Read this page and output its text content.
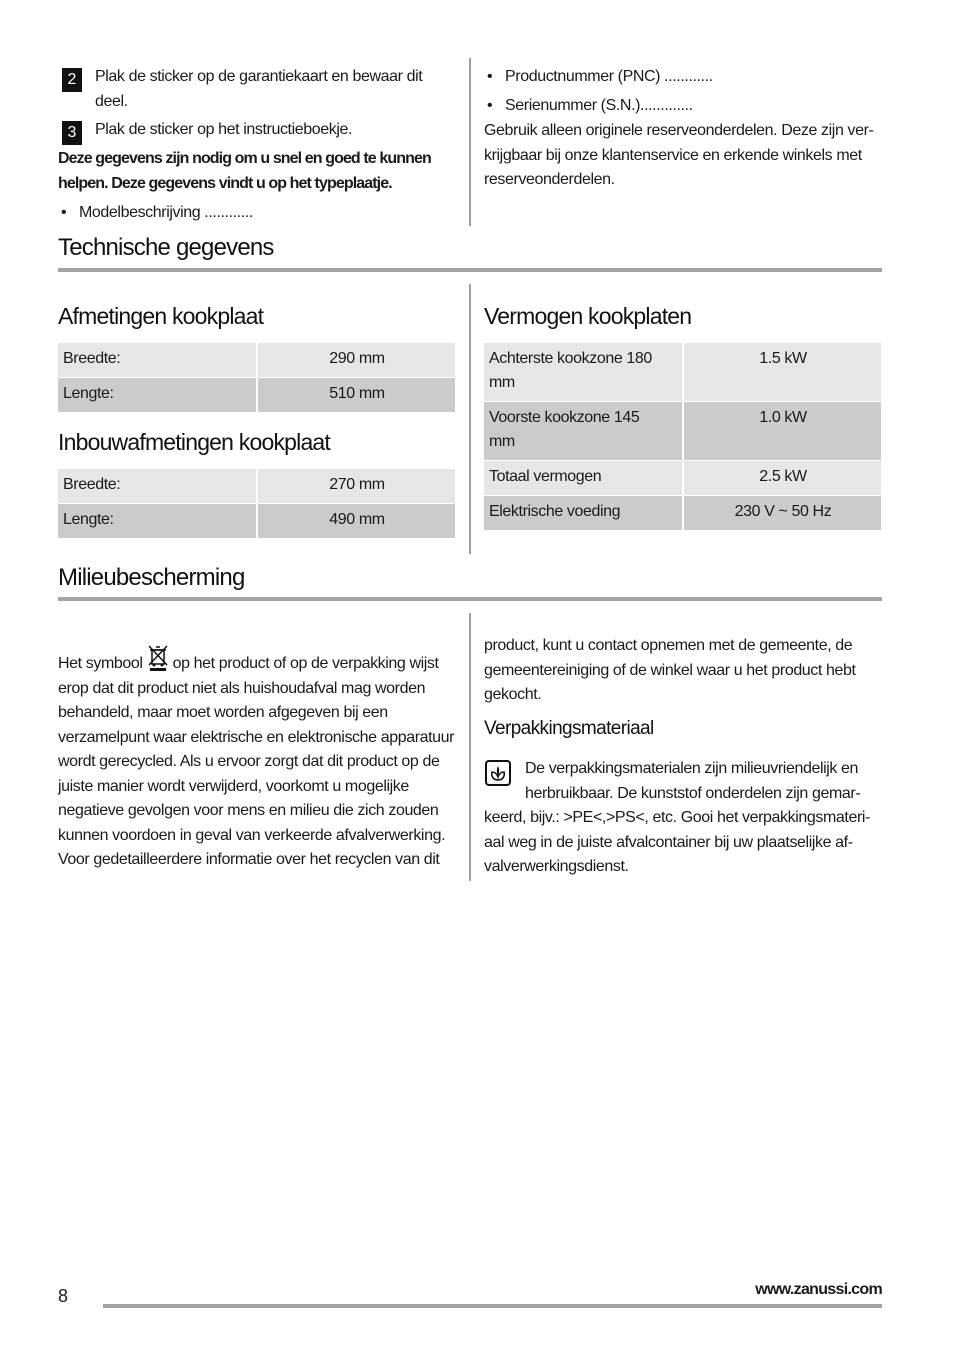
2	Plak de sticker op de garantiekaart en bewaar dit
deel.
3	Plak de sticker op het instructieboekje.
Deze gegevens zijn nodig om u snel en goed te kunnen
helpen. Deze gegevens vindt u op het typeplaatje.
• Modelbeschrijving ............
• Productnummer (PNC) ............
• Serienummer (S.N.).............
Gebruik alleen originele reserveonderdelen. Deze zijn ver-
krijgbaar bij onze klantenservice en erkende winkels met
reserveonderdelen.
Technische gegevens
Afmetingen kookplaat
Breedte:	290 mm
Lengte:	510 mm
Inbouwafmetingen kookplaat
Breedte:	270 mm
Lengte:	490 mm
Vermogen kookplaten
Achterste kookzone 180 mm	1.5 kW
Voorste kookzone 145 mm	1.0 kW
Totaal vermogen	2.5 kW
Elektrische voeding	230 V ~ 50 Hz
Milieubescherming
Het symbool op het product of op de verpakking wijst
erop dat dit product niet als huishoudafval mag worden
behandeld, maar moet worden afgegeven bij een
verzamelpunt waar elektrische en elektronische apparatuur
wordt gerecycled. Als u ervoor zorgt dat dit product op de
juiste manier wordt verwijderd, voorkomt u mogelijke
negatieve gevolgen voor mens en milieu die zich zouden
kunnen voordoen in geval van verkeerde afvalverwerking.
Voor gedetailleerdere informatie over het recyclen van dit
product, kunt u contact opnemen met de gemeente, de
gemeentereiniging of de winkel waar u het product hebt
gekocht.
Verpakkingsmateriaal
De verpakkingsmaterialen zijn milieuvriendelijk en
herbruikbaar. De kunststof onderdelen zijn gemar-
keerd, bijv.: >PE<,>PS<, etc. Gooi het verpakkingsmateri-
aal weg in de juiste afvalcontainer bij uw plaatselijke af-
valverwerkingsdienst.
8	www.zanussi.com
